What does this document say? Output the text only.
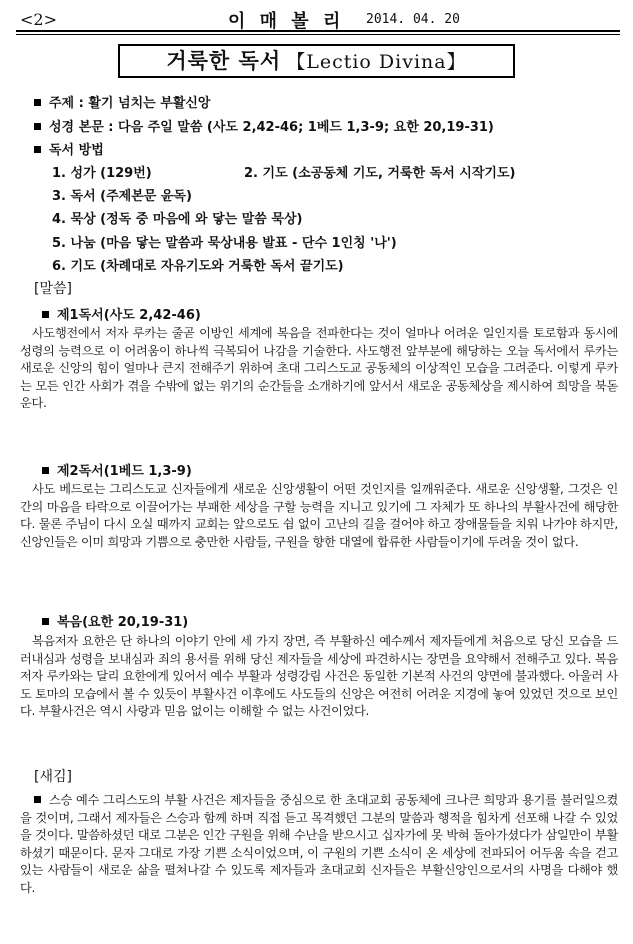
<2>	이 매 볼 리 2014. 04. 20
거룩한 독서 【Lectio Divina】
주제 : 활기 넘치는 부활신앙
성경 본문 : 다음 주일 말씀 (사도 2,42-46; 1베드 1,3-9; 요한 20,19-31)
독서 방법
1. 성가 (129번)	2. 기도 (소공동체 기도, 거룩한 독서 시작기도)
3. 독서 (주제본문 윤독)
4. 묵상 (정독 중 마음에 와 닿는 말씀 묵상)
5. 나눔 (마음 닿는 말씀과 묵상내용 발표 - 단수 1인칭 '나')
6. 기도 (차례대로 자유기도와 거룩한 독서 끝기도)
[말씀]
제1독서(사도 2,42-46)
사도행전에서 저자 루카는 줄곧 이방인 세계에 복음을 전파한다는 것이 얼마나 어려운 일인지를 토로함과 동시에 성령의 능력으로 이 어려움이 하나씩 극복되어 나감을 기술한다. 사도행전 앞부분에 해당하는 오늘 독서에서 루카는 새로운 신앙의 힘이 얼마나 큰지 전해주기 위하여 초대 그리스도교 공동체의 이상적인 모습을 그려준다. 이렇게 루카는 모든 인간 사회가 겪을 수밖에 없는 위기의 순간들을 소개하기에 앞서서 새로운 공동체상을 제시하여 희망을 북돋운다.
제2독서(1베드 1,3-9)
사도 베드로는 그리스도교 신자들에게 새로운 신앙생활이 어떤 것인지를 일깨워준다. 새로운 신앙생활, 그것은 인간의 마음을 타락으로 이끌어가는 부패한 세상을 구할 능력을 지니고 있기에 그 자체가 또 하나의 부활사건에 해당한다. 물론 주님이 다시 오실 때까지 교회는 앞으로도 쉼 없이 고난의 길을 걸어야 하고 장애물들을 치워 나가야 하지만, 신앙인들은 이미 희망과 기쁨으로 충만한 사람들, 구원을 향한 대열에 합류한 사람들이기에 두려울 것이 없다.
복음(요한 20,19-31)
복음저자 요한은 단 하나의 이야기 안에 세 가지 장면, 즉 부활하신 예수께서 제자들에게 처음으로 당신 모습을 드러내심과 성령을 보내심과 죄의 용서를 위해 당신 제자들을 세상에 파견하시는 장면을 요약해서 전해주고 있다. 복음저자 루카와는 달리 요한에게 있어서 예수 부활과 성령강림 사건은 동일한 기본적 사건의 양면에 불과했다. 아울러 사도 토마의 모습에서 볼 수 있듯이 부활사건 이후에도 사도들의 신앙은 여전히 어려운 지경에 놓여 있었던 것으로 보인다. 부활사건은 역시 사랑과 믿음 없이는 이해할 수 없는 사건이었다.
[새김]
스승 예수 그리스도의 부활 사건은 제자들을 중심으로 한 초대교회 공동체에 크나큰 희망과 용기를 불러일으켰을 것이며, 그래서 제자들은 스승과 함께 하며 직접 듣고 목격했던 그분의 말씀과 행적을 힘차게 선포해 나갈 수 있었을 것이다. 말씀하셨던 대로 그분은 인간 구원을 위해 수난을 받으시고 십자가에 못 박혀 돌아가셨다가 삼일만이 부활하셨기 때문이다. 문자 그대로 가장 기쁜 소식이었으며, 이 구원의 기쁜 소식이 온 세상에 전파되어 어두움 속을 걷고 있는 사람들이 새로운 삶을 펼쳐나갈 수 있도록 제자들과 초대교회 신자들은 부활신앙인으로서의 사명을 다해야 했다.
